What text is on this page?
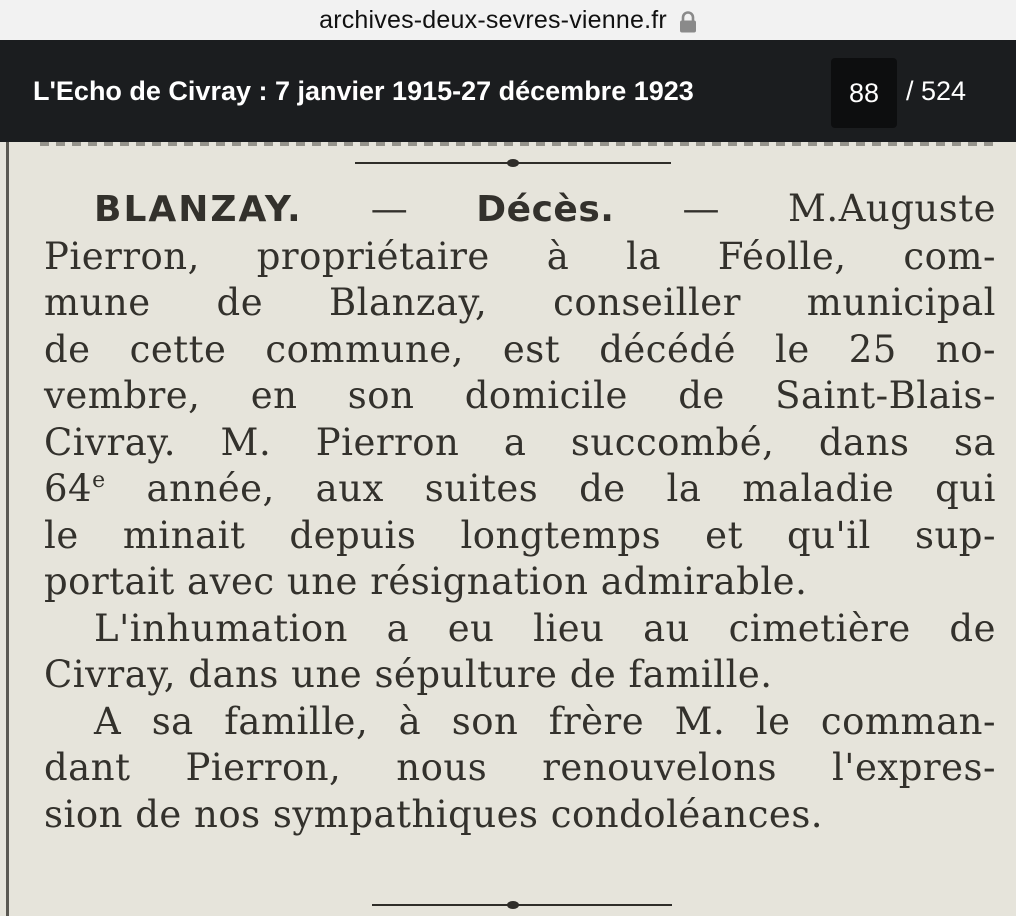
archives-deux-sevres-vienne.fr
L'Echo de Civray : 7 janvier 1915-27 décembre 1923	88 / 524
BLANZAY. — Décès. — M.Auguste
Pierron, propriétaire à la Féolle, com-
mune de Blanzay, conseiller municipal
de cette commune, est décédé le 25 no-
vembre, en son domicile de Saint-Blais-
Civray. M. Pierron a succombé, dans sa
64e année, aux suites de la maladie qui
le minait depuis longtemps et qu'il sup-
portait avec une résignation admirable.
L'inhumation a eu lieu au cimetière de
Civray, dans une sépulture de famille.
A sa famille, à son frère M. le comman-
dant Pierron, nous renouvelons l'expres-
sion de nos sympathiques condoléances.
